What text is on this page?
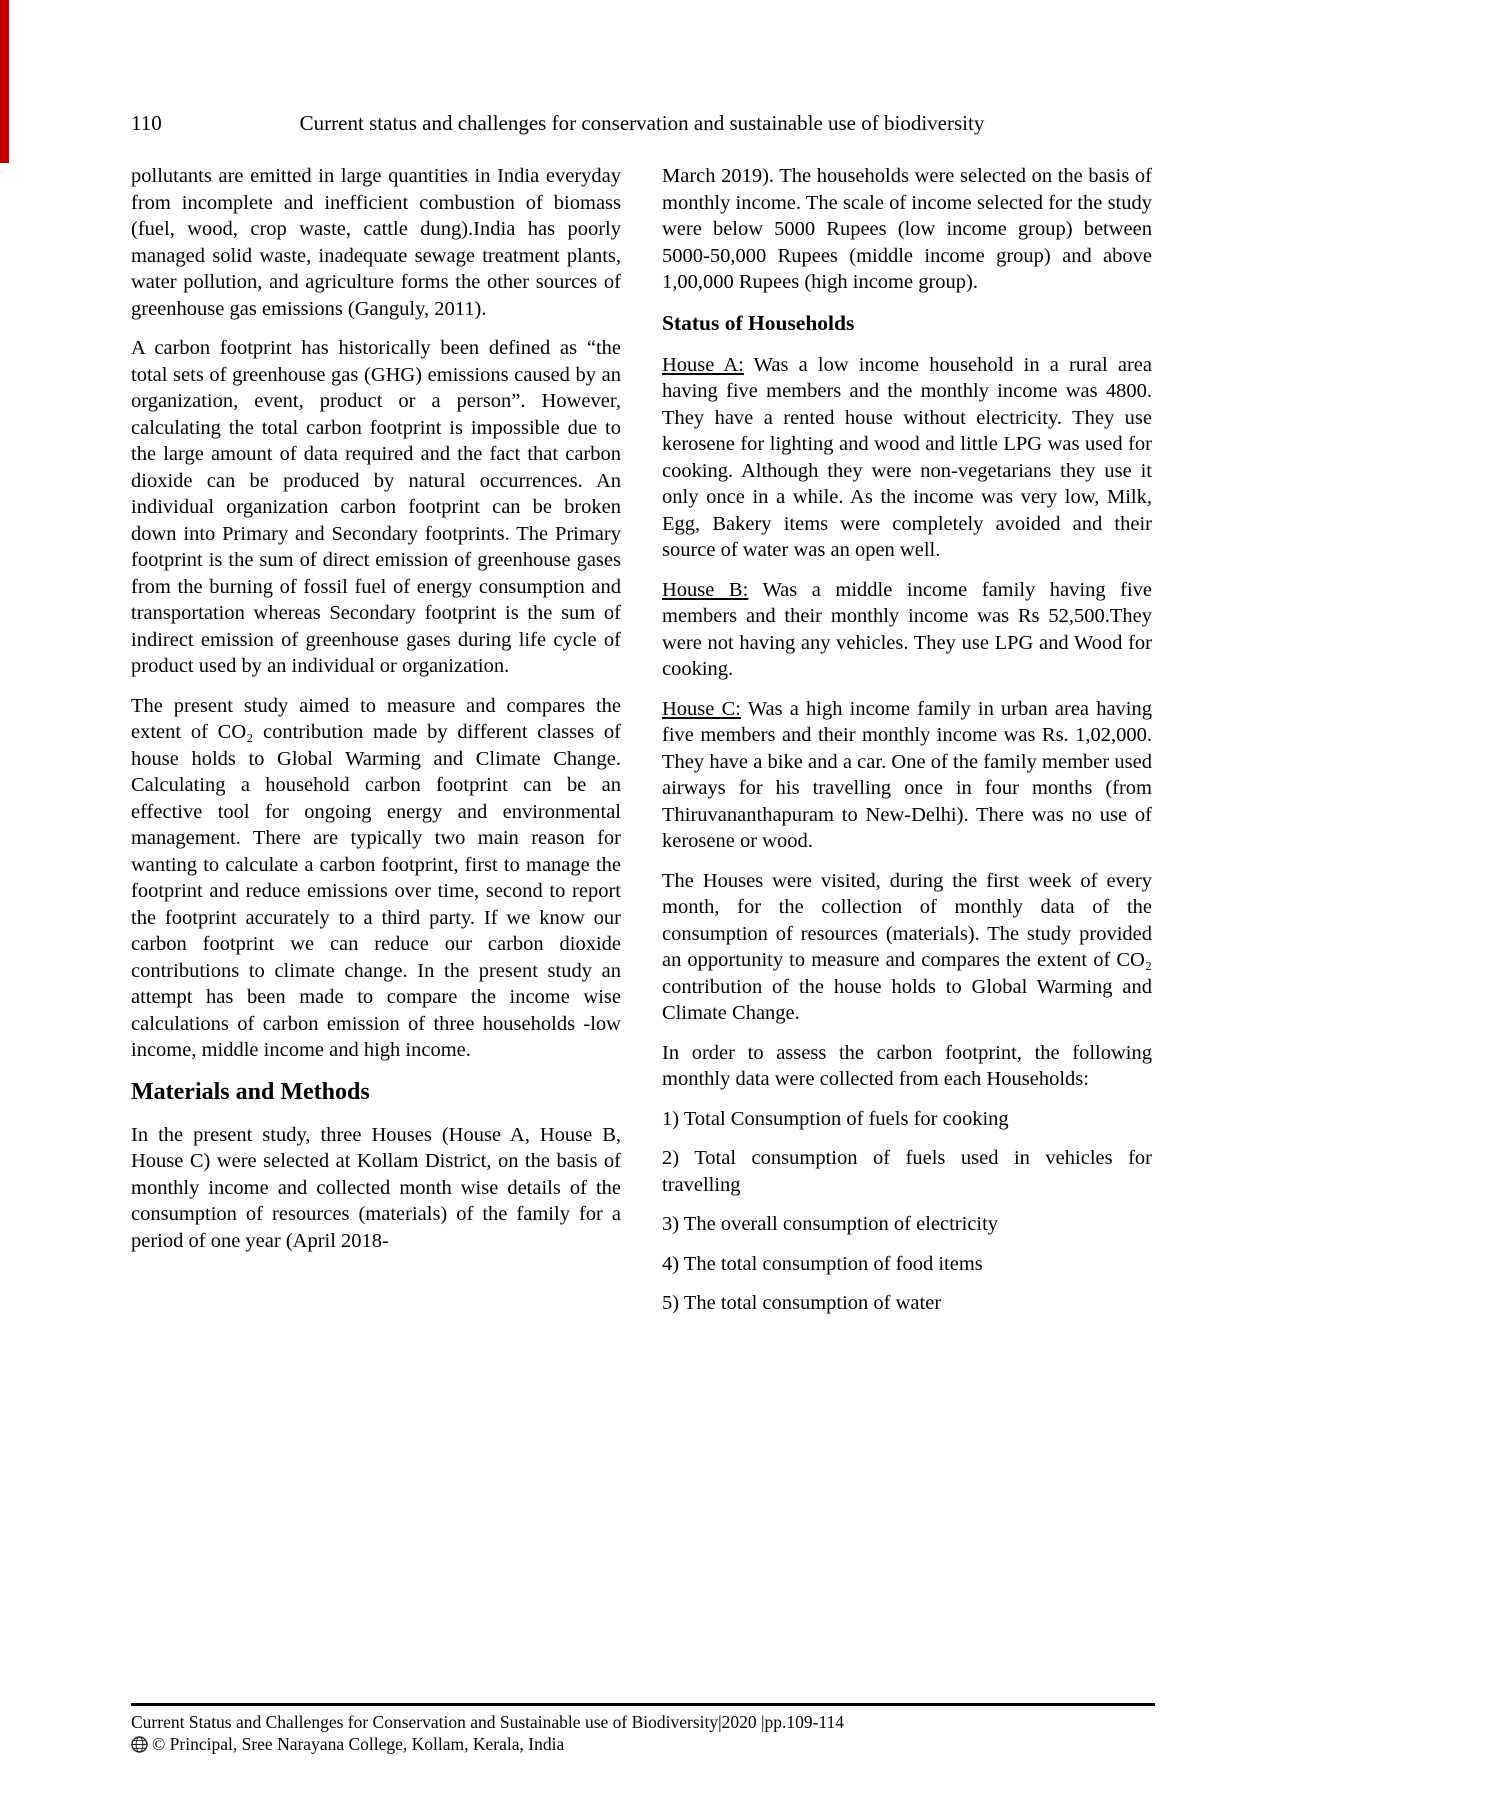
110	Current status and challenges for conservation and sustainable use of biodiversity

pollutants are emitted in large quantities in India everyday from incomplete and inefficient combustion of biomass (fuel, wood, crop waste, cattle dung).India has poorly managed solid waste, inadequate sewage treatment plants, water pollution, and agriculture forms the other sources of greenhouse gas emissions (Ganguly, 2011).

A carbon footprint has historically been defined as “the total sets of greenhouse gas (GHG) emissions caused by an organization, event, product or a person”. However, calculating the total carbon footprint is impossible due to the large amount of data required and the fact that carbon dioxide can be produced by natural occurrences. An individual organization carbon footprint can be broken down into Primary and Secondary footprints. The Primary footprint is the sum of direct emission of greenhouse gases from the burning of fossil fuel of energy consumption and transportation whereas Secondary footprint is the sum of indirect emission of greenhouse gases during life cycle of product used by an individual or organization.

The present study aimed to measure and compares the extent of CO₂ contribution made by different classes of house holds to Global Warming and Climate Change. Calculating a household carbon footprint can be an effective tool for ongoing energy and environmental management. There are typically two main reason for wanting to calculate a carbon footprint, first to manage the footprint and reduce emissions over time, second to report the footprint accurately to a third party. If we know our carbon footprint we can reduce our carbon dioxide contributions to climate change. In the present study an attempt has been made to compare the income wise calculations of carbon emission of three households -low income, middle income and high income.

Materials and Methods

In the present study, three Houses (House A, House B, House C) were selected at Kollam District, on the basis of monthly income and collected month wise details of the consumption of resources (materials) of the family for a period of one year (April 2018-

March 2019). The households were selected on the basis of monthly income. The scale of income selected for the study were below 5000 Rupees (low income group) between 5000-50,000 Rupees (middle income group) and above 1,00,000 Rupees (high income group).

Status of Households

House A: Was a low income household in a rural area having five members and the monthly income was 4800. They have a rented house without electricity. They use kerosene for lighting and wood and little LPG was used for cooking. Although they were non-vegetarians they use it only once in a while. As the income was very low, Milk, Egg, Bakery items were completely avoided and their source of water was an open well.

House B: Was a middle income family having five members and their monthly income was Rs 52,500.They were not having any vehicles. They use LPG and Wood for cooking.

House C: Was a high income family in urban area having five members and their monthly income was Rs. 1,02,000. They have a bike and a car. One of the family member used airways for his travelling once in four months (from Thiruvananthapuram to New-Delhi). There was no use of kerosene or wood.

The Houses were visited, during the first week of every month, for the collection of monthly data of the consumption of resources (materials). The study provided an opportunity to measure and compares the extent of CO₂ contribution of the house holds to Global Warming and Climate Change.

In order to assess the carbon footprint, the following monthly data were collected from each Households:

1) Total Consumption of fuels for cooking

2) Total consumption of fuels used in vehicles for travelling

3) The overall consumption of electricity

4) The total consumption of food items

5) The total consumption of water

Current Status and Challenges for Conservation and Sustainable use of Biodiversity|2020 |pp.109-114
© Principal, Sree Narayana College, Kollam, Kerala, India
